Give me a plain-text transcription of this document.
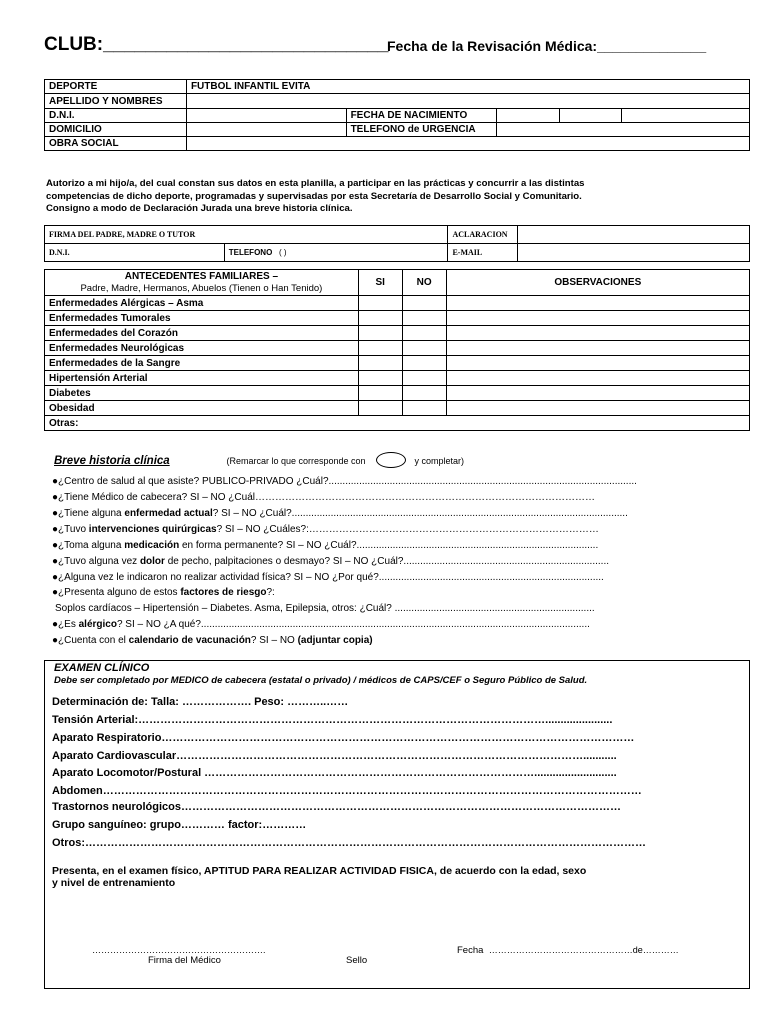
CLUB:___________________________
Fecha de la Revisación Médica:______________
DEPORTE	FUTBOL INFANTIL EVITA				
APELLIDO Y NOMBRES					
D.N.I.		FECHA DE NACIMIENTO			
DOMICILIO		TELEFONO de URGENCIA			
OBRA SOCIAL					
Autorizo a mi hijo/a, del cual constan sus datos en esta planilla, a participar en las prácticas y concurrir a las distintas
competencias de dicho deporte, programadas y supervisadas por esta Secretaría de Desarrollo Social y Comunitario.
Consigno a modo de Declaración Jurada una breve historia clínica.
FIRMA DEL PADRE, MADRE O TUTOR		ACLARACION	
D.N.I.	TELEFONO ( )	E-MAIL	
ANTECEDENTES FAMILIARES –
Padre, Madre, Hermanos, Abuelos (Tienen o Han Tenido)	SI	NO	OBSERVACIONES
Enfermedades Alérgicas – Asma			
Enfermedades Tumorales			
Enfermedades del Corazón			
Enfermedades Neurológicas			
Enfermedades de la Sangre			
Hipertensión Arterial			
Diabetes			
Obesidad			
Otras:			
Breve historia clínica	(Remarcar lo que corresponde con	y completar)
●¿Centro de salud al que asiste? PUBLICO-PRIVADO ¿Cuál?...............................................................................................................
●¿Tiene Médico de cabecera? SI – NO ¿Cuál…………………………………………………………………………………………
●¿Tiene alguna enfermedad actual? SI – NO ¿Cuál?.........................................................................................................................
●¿Tuvo intervenciones quirúrgicas? SI – NO ¿Cuáles?:……………………………………………………………………………
●¿Toma alguna medicación en forma permanente? SI – NO ¿Cuál?.......................................................................................
●¿Tuvo alguna vez dolor de pecho, palpitaciones o desmayo? SI – NO ¿Cuál?..........................................................................
●¿Alguna vez le indicaron no realizar actividad física? SI – NO ¿Por qué?.................................................................................
●¿Presenta alguno de estos factores de riesgo?:
Soplos cardíacos – Hipertensión – Diabetes. Asma, Epilepsia, otros: ¿Cuál? ........................................................................
●¿Es alérgico? SI – NO ¿A qué?............................................................................................................................................
●¿Cuenta con el calendario de vacunación? SI – NO (adjuntar copia)
EXAMEN CLÍNICO
Debe ser completado por MEDICO de cabecera (estatal o privado) / médicos de CAPS/CEF o Seguro Público de Salud.
Determinación de: Talla: ………………. Peso: ………..……
Tensión Arterial:…………………………………………………………………………………………………......................
Aparato Respiratorio…………………………………………………………………………………………………………………
Aparato Cardiovascular…………………………………………………………………………………………………...........
Aparato Locomotor/Postural ………………………………………………………………………………...........................
Abdomen…………………………………………………………………………………………………………………………………
Trastornos neurológicos…………………………………………………………………………………………………………
Grupo sanguíneo: grupo………… factor:…………
Otros:………………………………………………………………………………………………………………………………………
Presenta, en el examen físico, APTITUD PARA REALIZAR ACTIVIDAD FISICA, de acuerdo con la edad, sexo
y nivel de entrenamiento
………………………………………………….
Firma del Médico	Sello
Fecha …………………………………………de…………
